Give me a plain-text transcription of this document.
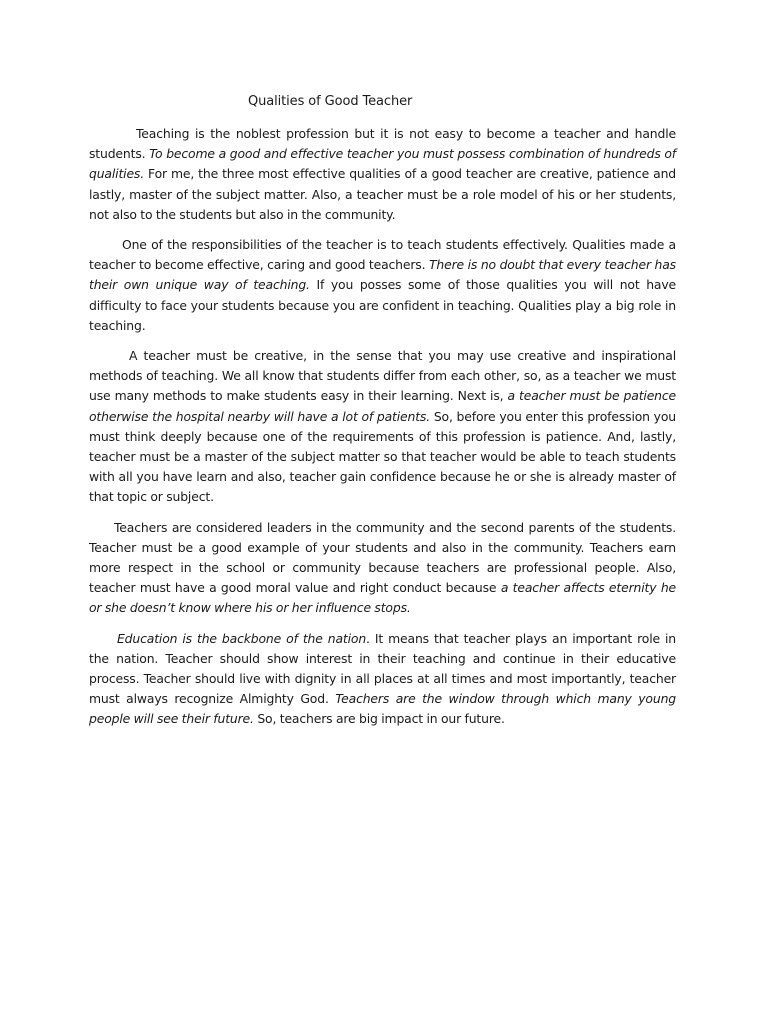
Qualities of Good Teacher

Teaching is the noblest profession but it is not easy to become a teacher and handle students. To become a good and effective teacher you must possess combination of hundreds of qualities. For me, the three most effective qualities of a good teacher are creative, patience and lastly, master of the subject matter. Also, a teacher must be a role model of his or her students, not also to the students but also in the community.

One of the responsibilities of the teacher is to teach students effectively. Qualities made a teacher to become effective, caring and good teachers. There is no doubt that every teacher has their own unique way of teaching. If you posses some of those qualities you will not have difficulty to face your students because you are confident in teaching. Qualities play a big role in teaching.

A teacher must be creative, in the sense that you may use creative and inspirational methods of teaching. We all know that students differ from each other, so, as a teacher we must use many methods to make students easy in their learning. Next is, a teacher must be patience otherwise the hospital nearby will have a lot of patients. So, before you enter this profession you must think deeply because one of the requirements of this profession is patience. And, lastly, teacher must be a master of the subject matter so that teacher would be able to teach students with all you have learn and also, teacher gain confidence because he or she is already master of that topic or subject.

Teachers are considered leaders in the community and the second parents of the students. Teacher must be a good example of your students and also in the community. Teachers earn more respect in the school or community because teachers are professional people. Also, teacher must have a good moral value and right conduct because a teacher affects eternity he or she doesn’t know where his or her influence stops.

Education is the backbone of the nation. It means that teacher plays an important role in the nation. Teacher should show interest in their teaching and continue in their educative process. Teacher should live with dignity in all places at all times and most importantly, teacher must always recognize Almighty God. Teachers are the window through which many young people will see their future. So, teachers are big impact in our future.
